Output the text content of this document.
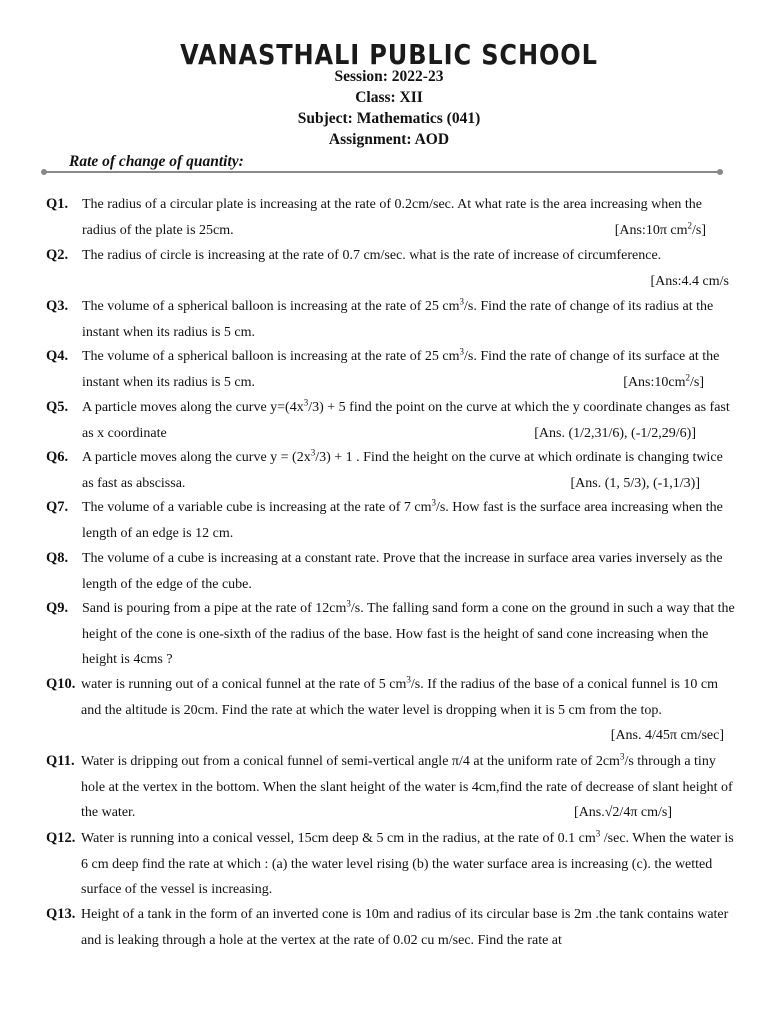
VANASTHALI PUBLIC SCHOOL
Session: 2022-23
Class: XII
Subject: Mathematics (041)
Assignment: AOD
Rate of change of quantity:

Q1. The radius of a circular plate is increasing at the rate of 0.2cm/sec. At what rate is the area increasing when the radius of the plate is 25cm.	[Ans:10π $cm^2/s$]

Q2. The radius of circle is increasing at the rate of 0.7 cm/sec. what is the rate of increase of circumference.
[Ans:4.4 cm/s

Q3. The volume of a spherical balloon is increasing at the rate of 25 $cm^3/s$. Find the rate of change of its radius at the instant when its radius is 5 cm.

Q4. The volume of a spherical balloon is increasing at the rate of 25 $cm^3/s$. Find the rate of change of its surface at the instant when its radius is 5 cm.	$[Ans:10cm^2/s]$

Q5. A particle moves along the curve $y=(4x^3/3) + 5$ find the point on the curve at which the y coordinate changes as fast as x coordinate	[Ans. (1/2,31/6), (-1/2,29/6)]

Q6. A particle moves along the curve $y = (2x^3/3) + 1$ . Find the height on the curve at which ordinate is changing twice as fast as abscissa.	[Ans. (1, 5/3), (-1,1/3)]

Q7. The volume of a variable cube is increasing at the rate of 7 $cm^3/s$. How fast is the surface area increasing when the length of an edge is 12 cm.

Q8. The volume of a cube is increasing at a constant rate. Prove that the increase in surface area varies inversely as the length of the edge of the cube.

Q9. Sand is pouring from a pipe at the rate of $12cm^3/s$. The falling sand form a cone on the ground in such a way that the height of the cone is one-sixth of the radius of the base. How fast is the height of sand cone increasing when the height is 4cms ?

Q10. water is running out of a conical funnel at the rate of 5 $cm^3/s$. If the radius of the base of a conical funnel is 10 cm and the altitude is 20cm. Find the rate at which the water level is dropping when it is 5 cm from the top.
[Ans. 4/45π cm/sec]

Q11. Water is dripping out from a conical funnel of semi-vertical angle π/4 at the uniform rate of $2cm^3/s$ through a tiny hole at the vertex in the bottom. When the slant height of the water is 4cm,find the rate of decrease of slant height of the water.	[Ans.√2/4π cm/s]

Q12. Water is running into a conical vessel, 15cm deep & 5 cm in the radius, at the rate of 0.1 $cm^3$ /sec. When the water is 6 cm deep find the rate at which : (a) the water level rising (b) the water surface area is increasing (c). the wetted surface of the vessel is increasing.

Q13. Height of a tank in the form of an inverted cone is 10m and radius of its circular base is 2m .the tank contains water and is leaking through a hole at the vertex at the rate of 0.02 cu m/sec. Find the rate at
